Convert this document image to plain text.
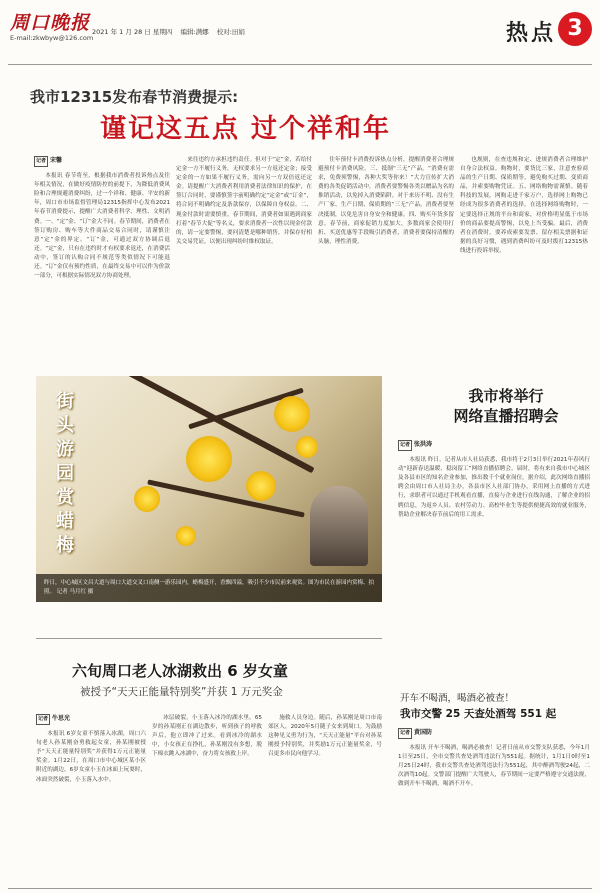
周口晚报
E-mail:zkwbyw@126.com
2021 年 1 月 28 日 星期四 编辑:满娜 校对:田娟	热点 3
我市12315发布春节消费提示:
谨记这五点 过个祥和年
记者 宋馨

本报讯 春节将至，根据我市消费者投诉热点及往年相关情况，在做好疫情防控的前提下，为降低消费风险和合理规避消费纠纷，过一个祥和、健康、平安的新年，周口市市场监督管理局12315指挥中心发布2021年春节消费提示，提醒广大消费者科学、理性、文明消费。一、“定”金、“订”金大不同。春节期间，消费者在签订购房、购车等大件商品交易合同时，请谨慎注意“定”金的界定。“订”金，可通过双方协调后退还。“定”金，只有在违约时才有权要求返还，在消费活动中，签订的认购合同不规范等类似情况下可能退还。“订”金仅有预约性质，在最终交易中可以作为价款一部分，可根据实际情况双方协商处理。

来往违约方承担违约责任。但对于“定”金，若给付定金一方不履行义务，无权要求另一方返还定金；接受定金的一方如果不履行义务，需向另一方双倍返还定金。请提醒广大消费者利用消费者法律知识的保护，在签订合同时，要谨慎签字前明确约定“定金”或“订金”，将合同不明确约定及条款保存，以保障自身权益。二、现金付款时需要慎重。春节期间，消费者如果遇到商家打着“春节大促”等名义，要求消费者一次性以现金付款的，请一定要警惕，要问清楚是哪种销售，并保存好相关交易凭证，以便出现纠纷时维权取证。

住年预付卡消费投诉热点分析，提醒消费者合理规避预付卡消费风险。三、抵制“三无”产品。“消费有需求，免费须警惕，各种大奖等你来！”大力宣传扩大消费的各类促销活动中，消费者要警惕各类以赠品为名的推销活动，以免掉入消费陷阱。对于来历不明、没有生产厂家、生产日期、保质期的“三无”产品，消费者要坚决抵制，以免危害自身安全和健康。四、购买年货多留意。春节前，商家促销力度加大，多数商家会使用打折、买送优惠等手段吸引消费者，消费者要保持清醒的头脑，理性消费。

也规则，在查违规和定、进规消费者合理维护自身合法权益。购物时，要货比三家，注意查验商品的生产日期、保质期等，避免购买过期、变质商品，并索要购物凭证。五、网络购物需谨慎。随着科技的发展，网购走进千家万户，选择网上购物已经成为很多消费者的选择。在选择网络购物时，一定要选择正规的平台和商家，对价格明显低于市场价的商品要提高警惕，以免上当受骗。最后，消费者在消费时，要养成索要发票、留存相关票据和证据的良好习惯，遇到消费纠纷可及时拨打12315热线进行投诉举报。

街头游园赏蜡梅
昨日，中心城区文昌大道与周口大道交叉口南侧一游乐园内，蜡梅盛开，香飘四溢，吸引不少市民前来观赏。图为市民在游园内赏梅、拍照。 记者 马月红 摄
我市将举行
网络直播招聘会
记者 张洪涛

本报讯 昨日，记者从市人社局获悉，我市将于2月3日举行2021年春风行动“迎新春送温暖、稳岗留工”网络直播招聘会。届时，将有来自我市中心城区及各县市区的知名企业参加，推出数千个就业岗位。据介绍，此次网络直播招聘会由周口市人社局主办，各县市区人社部门协办，采用网上直播的方式进行，求职者可以通过手机观看直播，直接与企业进行在线沟通，了解企业的招聘信息，为返乡人员、农村劳动力、高校毕业生等提供便捷高效的就业服务，帮助企业解决春节前后的用工需求。

六旬周口老人冰湖救出 6 岁女童
被授予“天天正能量特别奖”并获 1 万元奖金
记者 牛思光

本报讯 6岁女童不慎落入冰湖，周口六旬老人孙某刚奋勇救起女童，孙某刚被授予“天天正能量特别奖”并获得1万元正能量奖金。1月22日，在周口市中心城区某小区附近的湖边，6岁女童小玉在冰面上玩耍时，冰面突然破裂，小玉落入水中。

冰层破裂，小玉落入冰冷的湖水里。65岁的孙某刚正在湖边散步，听到孩子的呼救声后，他立即冲了过来。看到冰冷的湖水中，小女孩正在挣扎，孙某刚没有多想，脱下棉衣跳入冰湖中，奋力将女孩救上岸。

施救人员身边。随后，孙某刚是周口市南郊区人，2020年5月随子女来到周口。为鼓励这种见义勇为行为，“天天正能量”平台对孙某刚授予特别奖，并奖励1万元正能量奖金，号召更多市民向他学习。

开车不喝酒，喝酒必被查！
我市交警 25 天查处酒驾 551 起
记者 黄国防

本报讯 开车不喝酒，喝酒必被查！记者日前从市交警支队获悉，今年1月1日至25日，全市交警共查处酒驾违法行为551起。据统计，1月1日0时至1月25日24时，我市交警共查处酒驾违法行为551起，其中醉酒驾驶24起，二次酒驾10起。交警部门提醒广大驾驶人，春节期间一定要严格遵守交通法规，做到开车不喝酒，喝酒不开车。
